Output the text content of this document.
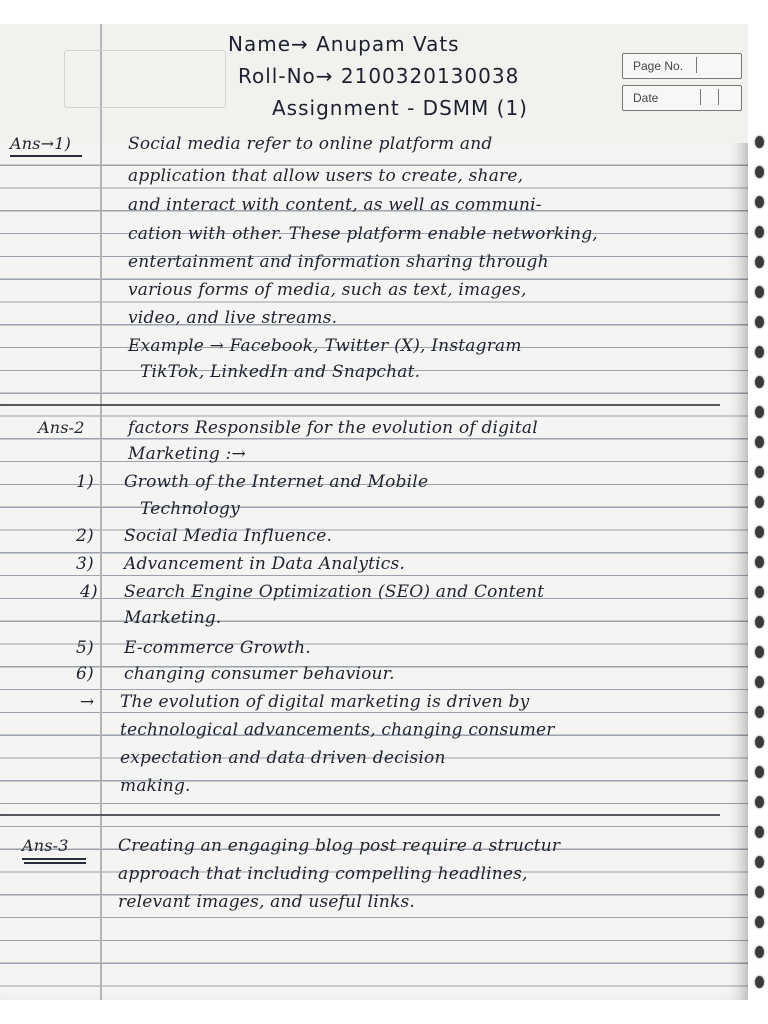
Page No.
Date

Name→ Anupam Vats

Roll-No→ 2100320130038

Assignment - DSMM (1)

Ans→1)	Social media refer to online platform and

application that allow users to create, share,

and interact with content, as well as communi-

cation with other. These platform enable networking,

entertainment and information sharing through

various forms of media, such as text, images,

video, and live streams.

Example → Facebook, Twitter (X), Instagram

TikTok, LinkedIn and Snapchat.

Ans-2	factors Responsible for the evolution of digital

Marketing :→

1) Growth of the Internet and Mobile

Technology

2) Social Media Influence.

3) Advancement in Data Analytics.

4) Search Engine Optimization (SEO) and Content

Marketing.

5) E-commerce Growth.

6) changing consumer behaviour.

→ The evolution of digital marketing is driven by

technological advancements, changing consumer

expectation and data driven decision

making.

Ans-3	Creating an engaging blog post require a structur

approach that including compelling headlines,

relevant images, and useful links.
